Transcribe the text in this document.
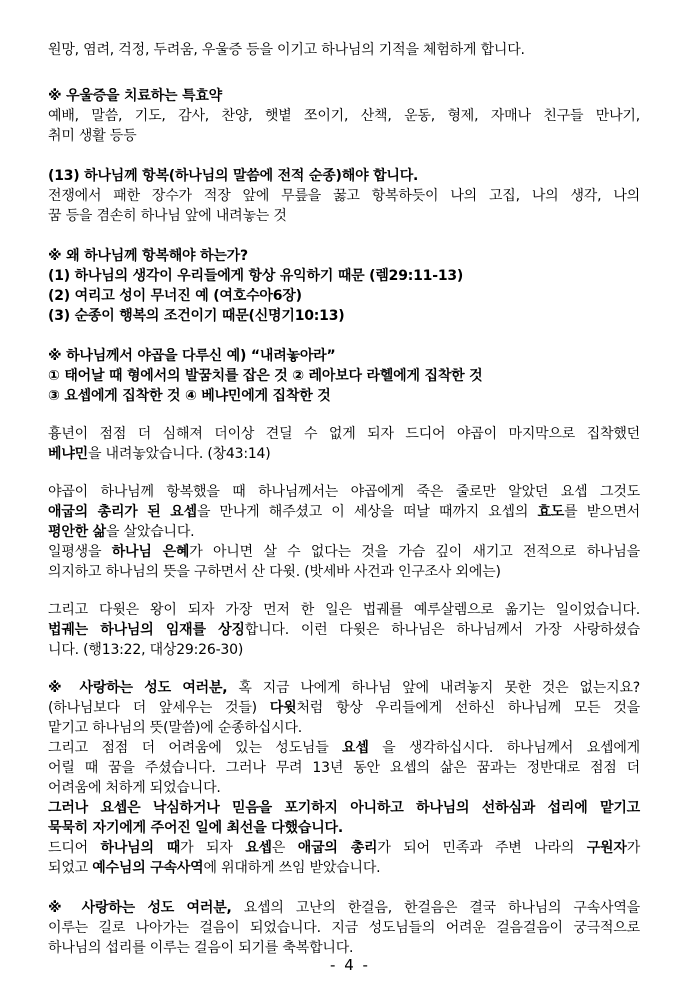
원망, 염려, 걱정, 두려움, 우울증 등을 이기고 하나님의 기적을 체험하게 합니다.
※ 우울증을 치료하는 특효약
예배, 말씀, 기도, 감사, 찬양, 햇볕 쪼이기, 산책, 운동, 형제, 자매나 친구들 만나기,
취미 생활 등등
(13) 하나님께 항복(하나님의 말씀에 전적 순종)해야 합니다.
전쟁에서 패한 장수가 적장 앞에 무릎을 꿇고 항복하듯이 나의 고집, 나의 생각, 나의
꿈 등을 겸손히 하나님 앞에 내려놓는 것
※ 왜 하나님께 항복해야 하는가?
(1) 하나님의 생각이 우리들에게 항상 유익하기 때문 (렘29:11-13)
(2) 여리고 성이 무너진 예 (여호수아6장)
(3) 순종이 행복의 조건이기 때문(신명기10:13)
※ 하나님께서 야곱을 다루신 예) “내려놓아라”
① 태어날 때 형에서의 발꿈치를 잡은 것 ② 레아보다 라헬에게 집착한 것
③ 요셉에게 집착한 것 ④ 베냐민에게 집착한 것
흉년이 점점 더 심해져 더이상 견딜 수 없게 되자 드디어 야곱이 마지막으로 집착했던
베냐민을 내려놓았습니다. (창43:14)
야곱이 하나님께 항복했을 때 하나님께서는 야곱에게 죽은 줄로만 알았던 요셉 그것도
애굽의 총리가 된 요셉을 만나게 해주셨고 이 세상을 떠날 때까지 요셉의 효도를 받으면서
평안한 삶을 살았습니다.
일평생을 하나님 은혜가 아니면 살 수 없다는 것을 가슴 깊이 새기고 전적으로 하나님을
의지하고 하나님의 뜻을 구하면서 산 다윗. (밧세바 사건과 인구조사 외에는)
그리고 다윗은 왕이 되자 가장 먼저 한 일은 법궤를 예루살렘으로 옮기는 일이었습니다.
법궤는 하나님의 임재를 상징합니다. 이런 다윗은 하나님은 하나님께서 가장 사랑하셨습
니다. (행13:22, 대상29:26-30)
※ 사랑하는 성도 여러분, 혹 지금 나에게 하나님 앞에 내려놓지 못한 것은 없는지요?
(하나님보다 더 앞세우는 것들) 다윗처럼 항상 우리들에게 선하신 하나님께 모든 것을
맡기고 하나님의 뜻(말씀)에 순종하십시다.
그리고 점점 더 어려움에 있는 성도님들 요셉 을 생각하십시다. 하나님께서 요셉에게
어릴 때 꿈을 주셨습니다. 그러나 무려 13년 동안 요셉의 삶은 꿈과는 정반대로 점점 더
어려움에 처하게 되었습니다.
그러나 요셉은 낙심하거나 믿음을 포기하지 아니하고 하나님의 선하심과 섭리에 맡기고
묵묵히 자기에게 주어진 일에 최선을 다했습니다.
드디어 하나님의 때가 되자 요셉은 애굽의 총리가 되어 민족과 주변 나라의 구원자가
되었고 예수님의 구속사역에 위대하게 쓰임 받았습니다.
※ 사랑하는 성도 여러분, 요셉의 고난의 한걸음, 한걸음은 결국 하나님의 구속사역을
이루는 길로 나아가는 걸음이 되었습니다. 지금 성도님들의 어려운 걸음걸음이 궁극적으로
하나님의 섭리를 이루는 걸음이 되기를 축복합니다.
- 4 -
